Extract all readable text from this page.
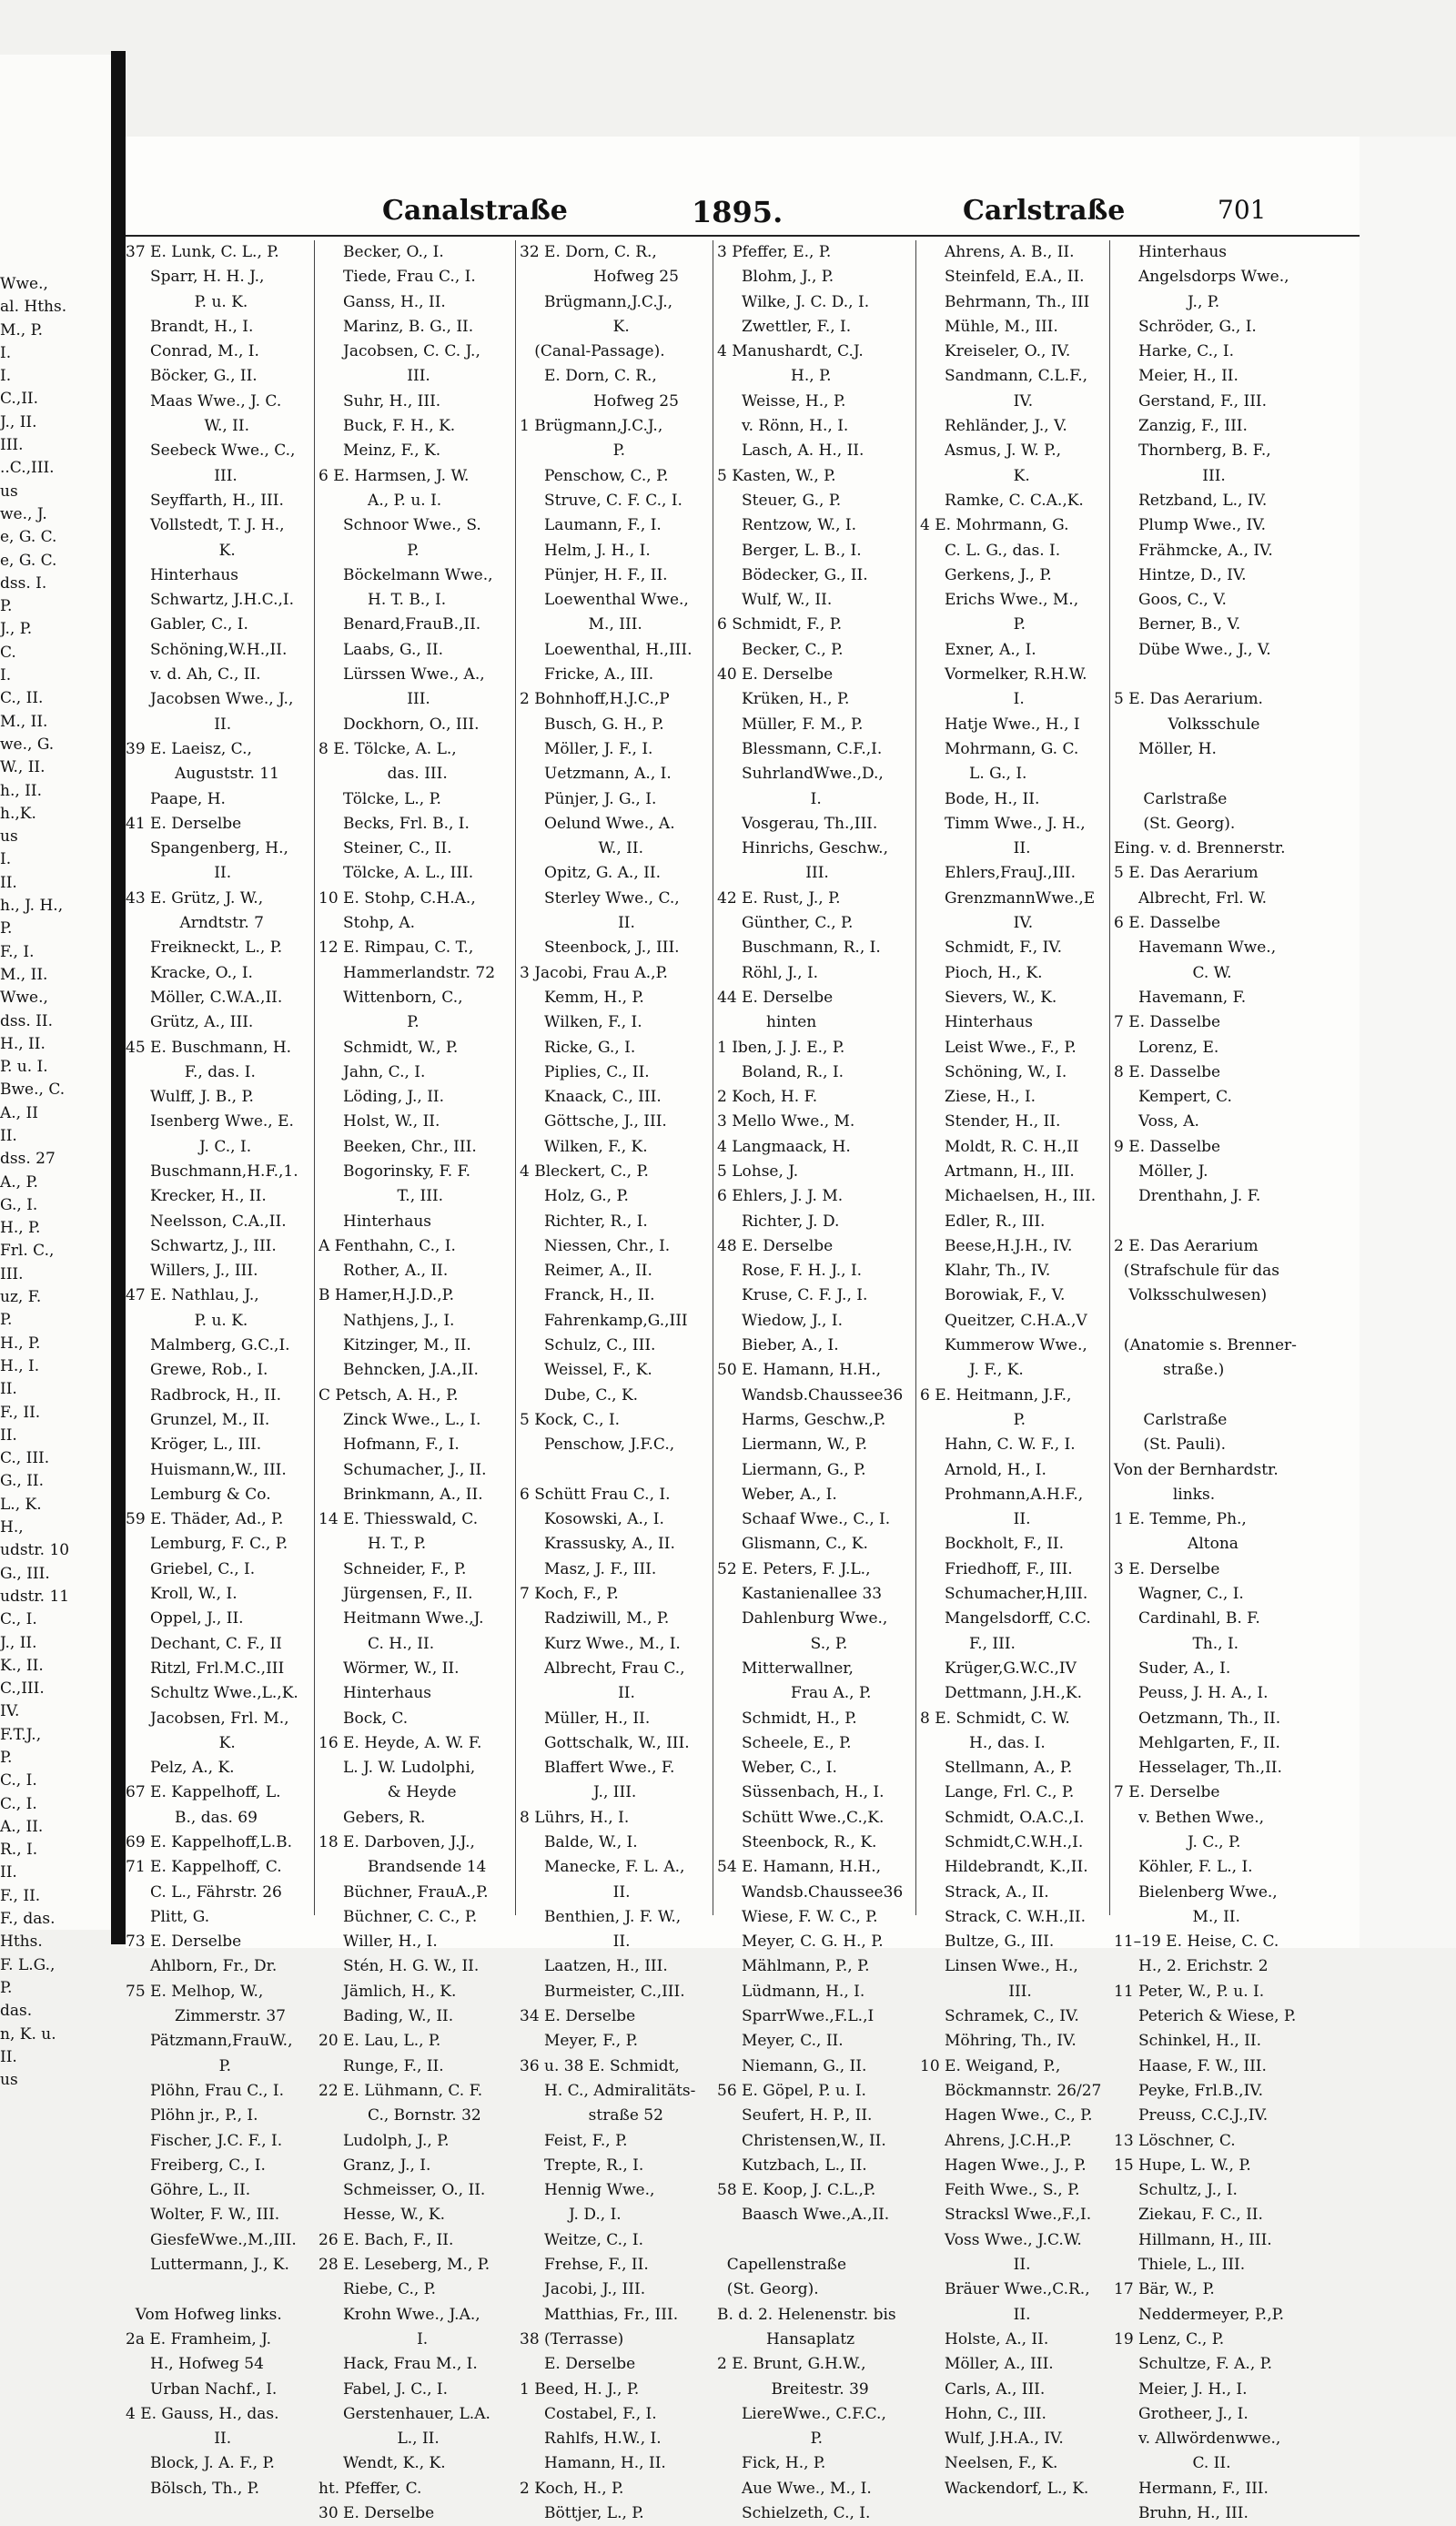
Wwe.,
al. Hths.
M., P.
I.
I.
C.,II.
J., II.
III.
..C.,III.
us
we., J.
e, G. C.
e, G. C.
dss. I.
P.
J., P.
C.
I.
C., II.
M., II.
we., G.
W., II.
h., II.
h.,K.
us
I.
II.
h., J. H.,
P.
F., I.
M., II.
Wwe.,
dss. II.
H., II.
P. u. I.
Bwe., C.
A., II
II.
dss. 27
A., P.
G., I.
H., P.
Frl. C.,
III.
uz, F.
P.
H., P.
H., I.
II.
F., II.
II.
C., III.
G., II.
L., K.
H.,
udstr. 10
G., III.
udstr. 11
C., I.
J., II.
K., II.
C.,III.
IV.
F.T.J.,
P.
C., I.
C., I.
A., II.
R., I.
II.
F., II.
F., das.
Hths.
F. L.G.,
P.
das.
n, K. u.
II.
us
Canalstraße	1895.	Carlstraße	701
37 E. Lunk, C. L., P.
Sparr, H. H. J.,
P. u. K.
Brandt, H., I.
Conrad, M., I.
Böcker, G., II.
Maas Wwe., J. C.
W., II.
Seebeck Wwe., C.,
III.
Seyffarth, H., III.
Vollstedt, T. J. H.,
K.
Hinterhaus
Schwartz, J.H.C.,I.
Gabler, C., I.
Schöning,W.H.,II.
v. d. Ah, C., II.
Jacobsen Wwe., J.,
II.
39 E. Laeisz, C.,
Auguststr. 11
Paape, H.
41 E. Derselbe
Spangenberg, H.,
II.
43 E. Grütz, J. W.,
Arndtstr. 7
Freikneckt, L., P.
Kracke, O., I.
Möller, C.W.A.,II.
Grütz, A., III.
45 E. Buschmann, H.
F., das. I.
Wulff, J. B., P.
Isenberg Wwe., E.
J. C., I.
Buschmann,H.F.,1.
Krecker, H., II.
Neelsson, C.A.,II.
Schwartz, J., III.
Willers, J., III.
47 E. Nathlau, J.,
P. u. K.
Malmberg, G.C.,I.
Grewe, Rob., I.
Radbrock, H., II.
Grunzel, M., II.
Kröger, L., III.
Huismann,W., III.
Lemburg & Co.
59 E. Thäder, Ad., P.
Lemburg, F. C., P.
Griebel, C., I.
Kroll, W., I.
Oppel, J., II.
Dechant, C. F., II
Ritzl, Frl.M.C.,III
Schultz Wwe.,L.,K.
Jacobsen, Frl. M.,
K.
Pelz, A., K.
67 E. Kappelhoff, L.
B., das. 69
69 E. Kappelhoff,L.B.
71 E. Kappelhoff, C.
C. L., Fährstr. 26
Plitt, G.
73 E. Derselbe
Ahlborn, Fr., Dr.
75 E. Melhop, W.,
Zimmerstr. 37
Pätzmann,FrauW.,
P.
Plöhn, Frau C., I.
Plöhn jr., P., I.
Fischer, J.C. F., I.
Freiberg, C., I.
Göhre, L., II.
Wolter, F. W., III.
GiesfeWwe.,M.,III.
Luttermann, J., K.
Vom Hofweg links.
2a E. Framheim, J.
H., Hofweg 54
Urban Nachf., I.
4 E. Gauss, H., das.
II.
Block, J. A. F., P.
Bölsch, Th., P.
Becker, O., I.
Tiede, Frau C., I.
Ganss, H., II.
Marinz, B. G., II.
Jacobsen, C. C. J.,
III.
Suhr, H., III.
Buck, F. H., K.
Meinz, F., K.
6 E. Harmsen, J. W.
A., P. u. I.
Schnoor Wwe., S.
P.
Böckelmann Wwe.,
H. T. B., I.
Benard,FrauB.,II.
Laabs, G., II.
Lürssen Wwe., A.,
III.
Dockhorn, O., III.
8 E. Tölcke, A. L.,
das. III.
Tölcke, L., P.
Becks, Frl. B., I.
Steiner, C., II.
Tölcke, A. L., III.
10 E. Stohp, C.H.A.,
Stohp, A.
12 E. Rimpau, C. T.,
Hammerlandstr. 72
Wittenborn, C.,
P.
Schmidt, W., P.
Jahn, C., I.
Löding, J., II.
Holst, W., II.
Beeken, Chr., III.
Bogorinsky, F. F.
T., III.
Hinterhaus
A Fenthahn, C., I.
Rother, A., II.
B Hamer,H.J.D.,P.
Nathjens, J., I.
Kitzinger, M., II.
Behncken, J.A.,II.
C Petsch, A. H., P.
Zinck Wwe., L., I.
Hofmann, F., I.
Schumacher, J., II.
Brinkmann, A., II.
14 E. Thiesswald, C.
H. T., P.
Schneider, F., P.
Jürgensen, F., II.
Heitmann Wwe.,J.
C. H., II.
Wörmer, W., II.
Hinterhaus
Bock, C.
16 E. Heyde, A. W. F.
L. J. W. Ludolphi,
& Heyde
Gebers, R.
18 E. Darboven, J.J.,
Brandsende 14
Büchner, FrauA.,P.
Büchner, C. C., P.
Willer, H., I.
Stén, H. G. W., II.
Jämlich, H., K.
Bading, W., II.
20 E. Lau, L., P.
Runge, F., II.
22 E. Lühmann, C. F.
C., Bornstr. 32
Ludolph, J., P.
Granz, J., I.
Schmeisser, O., II.
Hesse, W., K.
26 E. Bach, F., II.
28 E. Leseberg, M., P.
Riebe, C., P.
Krohn Wwe., J.A.,
I.
Hack, Frau M., I.
Fabel, J. C., I.
Gerstenhauer, L.A.
L., II.
Wendt, K., K.
ht. Pfeffer, C.
30 E. Derselbe
32 E. Dorn, C. R.,
Hofweg 25
Brügmann,J.C.J.,
K.
(Canal-Passage).
E. Dorn, C. R.,
Hofweg 25
1 Brügmann,J.C.J.,
P.
Penschow, C., P.
Struve, C. F. C., I.
Laumann, F., I.
Helm, J. H., I.
Pünjer, H. F., II.
Loewenthal Wwe.,
M., III.
Loewenthal, H.,III.
Fricke, A., III.
2 Bohnhoff,H.J.C.,P
Busch, G. H., P.
Möller, J. F., I.
Uetzmann, A., I.
Pünjer, J. G., I.
Oelund Wwe., A.
W., II.
Opitz, G. A., II.
Sterley Wwe., C.,
II.
Steenbock, J., III.
3 Jacobi, Frau A.,P.
Kemm, H., P.
Wilken, F., I.
Ricke, G., I.
Piplies, C., II.
Knaack, C., III.
Göttsche, J., III.
Wilken, F., K.
4 Bleckert, C., P.
Holz, G., P.
Richter, R., I.
Niessen, Chr., I.
Reimer, A., II.
Franck, H., II.
Fahrenkamp,G.,III
Schulz, C., III.
Weissel, F., K.
Dube, C., K.
5 Kock, C., I.
Penschow, J.F.C.,
6 Schütt Frau C., I.
Kosowski, A., I.
Krassusky, A., II.
Masz, J. F., III.
7 Koch, F., P.
Radziwill, M., P.
Kurz Wwe., M., I.
Albrecht, Frau C.,
II.
Müller, H., II.
Gottschalk, W., III.
Blaffert Wwe., F.
J., III.
8 Lührs, H., I.
Balde, W., I.
Manecke, F. L. A.,
II.
Benthien, J. F. W.,
II.
Laatzen, H., III.
Burmeister, C.,III.
34 E. Derselbe
Meyer, F., P.
36 u. 38 E. Schmidt,
H. C., Admiralitäts-
straße 52
Feist, F., P.
Trepte, R., I.
Hennig Wwe.,
J. D., I.
Weitze, C., I.
Frehse, F., II.
Jacobi, J., III.
Matthias, Fr., III.
38 (Terrasse)
E. Derselbe
1 Beed, H. J., P.
Costabel, F., I.
Rahlfs, H.W., I.
Hamann, H., II.
2 Koch, H., P.
Böttjer, L., P.
3 Pfeffer, E., P.
Blohm, J., P.
Wilke, J. C. D., I.
Zwettler, F., I.
4 Manushardt, C.J.
H., P.
Weisse, H., P.
v. Rönn, H., I.
Lasch, A. H., II.
5 Kasten, W., P.
Steuer, G., P.
Rentzow, W., I.
Berger, L. B., I.
Bödecker, G., II.
Wulf, W., II.
6 Schmidt, F., P.
Becker, C., P.
40 E. Derselbe
Krüken, H., P.
Müller, F. M., P.
Blessmann, C.F.,I.
SuhrlandWwe.,D.,
I.
Vosgerau, Th.,III.
Hinrichs, Geschw.,
III.
42 E. Rust, J., P.
Günther, C., P.
Buschmann, R., I.
Röhl, J., I.
44 E. Derselbe
hinten
1 Iben, J. J. E., P.
Boland, R., I.
2 Koch, H. F.
3 Mello Wwe., M.
4 Langmaack, H.
5 Lohse, J.
6 Ehlers, J. J. M.
Richter, J. D.
48 E. Derselbe
Rose, F. H. J., I.
Kruse, C. F. J., I.
Wiedow, J., I.
Bieber, A., I.
50 E. Hamann, H.H.,
Wandsb.Chaussee36
Harms, Geschw.,P.
Liermann, W., P.
Liermann, G., P.
Weber, A., I.
Schaaf Wwe., C., I.
Glismann, C., K.
52 E. Peters, F. J.L.,
Kastanienallee 33
Dahlenburg Wwe.,
S., P.
Mitterwallner,
Frau A., P.
Schmidt, H., P.
Scheele, E., P.
Weber, C., I.
Süssenbach, H., I.
Schütt Wwe.,C.,K.
Steenbock, R., K.
54 E. Hamann, H.H.,
Wandsb.Chaussee36
Wiese, F. W. C., P.
Meyer, C. G. H., P.
Mählmann, P., P.
Lüdmann, H., I.
SparrWwe.,F.L.,I
Meyer, C., II.
Niemann, G., II.
56 E. Göpel, P. u. I.
Seufert, H. P., II.
Christensen,W., II.
Kutzbach, L., II.
58 E. Koop, J. C.L.,P.
Baasch Wwe.,A.,II.
Capellenstraße
(St. Georg).
B. d. 2. Helenenstr. bis
Hansaplatz
2 E. Brunt, G.H.W.,
Breitestr. 39
LiereWwe., C.F.C.,
P.
Fick, H., P.
Aue Wwe., M., I.
Schielzeth, C., I.
Ahrens, A. B., II.
Steinfeld, E.A., II.
Behrmann, Th., III
Mühle, M., III.
Kreiseler, O., IV.
Sandmann, C.L.F.,
IV.
Rehländer, J., V.
Asmus, J. W. P.,
K.
Ramke, C. C.A.,K.
4 E. Mohrmann, G.
C. L. G., das. I.
Gerkens, J., P.
Erichs Wwe., M.,
P.
Exner, A., I.
Vormelker, R.H.W.
I.
Hatje Wwe., H., I
Mohrmann, G. C.
L. G., I.
Bode, H., II.
Timm Wwe., J. H.,
II.
Ehlers,FrauJ.,III.
GrenzmannWwe.,E
IV.
Schmidt, F., IV.
Pioch, H., K.
Sievers, W., K.
Hinterhaus
Leist Wwe., F., P.
Schöning, W., I.
Ziese, H., I.
Stender, H., II.
Moldt, R. C. H.,II
Artmann, H., III.
Michaelsen, H., III.
Edler, R., III.
Beese,H.J.H., IV.
Klahr, Th., IV.
Borowiak, F., V.
Queitzer, C.H.A.,V
Kummerow Wwe.,
J. F., K.
6 E. Heitmann, J.F.,
P.
Hahn, C. W. F., I.
Arnold, H., I.
Prohmann,A.H.F.,
II.
Bockholt, F., II.
Friedhoff, F., III.
Schumacher,H,III.
Mangelsdorff, C.C.
F., III.
Krüger,G.W.C.,IV
Dettmann, J.H.,K.
8 E. Schmidt, C. W.
H., das. I.
Stellmann, A., P.
Lange, Frl. C., P.
Schmidt, O.A.C.,I.
Schmidt,C.W.H.,I.
Hildebrandt, K.,II.
Strack, A., II.
Strack, C. W.H.,II.
Bultze, G., III.
Linsen Wwe., H.,
III.
Schramek, C., IV.
Möhring, Th., IV.
10 E. Weigand, P.,
Böckmannstr. 26/27
Hagen Wwe., C., P.
Ahrens, J.C.H.,P.
Hagen Wwe., J., P.
Feith Wwe., S., P.
Stracksl Wwe.,F.,I.
Voss Wwe., J.C.W.
II.
Bräuer Wwe.,C.R.,
II.
Holste, A., II.
Möller, A., III.
Carls, A., III.
Hohn, C., III.
Wulf, J.H.A., IV.
Neelsen, F., K.
Wackendorf, L., K.
Hinterhaus
Angelsdorps Wwe.,
J., P.
Schröder, G., I.
Harke, C., I.
Meier, H., II.
Gerstand, F., III.
Zanzig, F., III.
Thornberg, B. F.,
III.
Retzband, L., IV.
Plump Wwe., IV.
Frähmcke, A., IV.
Hintze, D., IV.
Goos, C., V.
Berner, B., V.
Dübe Wwe., J., V.
5 E. Das Aerarium.
Volksschule
Möller, H.
Carlstraße
(St. Georg).
Eing. v. d. Brennerstr.
5 E. Das Aerarium
Albrecht, Frl. W.
6 E. Dasselbe
Havemann Wwe.,
C. W.
Havemann, F.
7 E. Dasselbe
Lorenz, E.
8 E. Dasselbe
Kempert, C.
Voss, A.
9 E. Dasselbe
Möller, J.
Drenthahn, J. F.
2 E. Das Aerarium
(Strafschule für das
Volksschulwesen)
(Anatomie s. Brenner-
straße.)
Carlstraße
(St. Pauli).
Von der Bernhardstr.
links.
1 E. Temme, Ph.,
Altona
3 E. Derselbe
Wagner, C., I.
Cardinahl, B. F.
Th., I.
Suder, A., I.
Peuss, J. H. A., I.
Oetzmann, Th., II.
Mehlgarten, F., II.
Hesselager, Th.,II.
7 E. Derselbe
v. Bethen Wwe.,
J. C., P.
Köhler, F. L., I.
Bielenberg Wwe.,
M., II.
11–19 E. Heise, C. C.
H., 2. Erichstr. 2
11 Peter, W., P. u. I.
Peterich & Wiese, P.
Schinkel, H., II.
Haase, F. W., III.
Peyke, Frl.B.,IV.
Preuss, C.C.J.,IV.
13 Löschner, C.
15 Hupe, L. W., P.
Schultz, J., I.
Ziekau, F. C., II.
Hillmann, H., III.
Thiele, L., III.
17 Bär, W., P.
Neddermeyer, P.,P.
19 Lenz, C., P.
Schultze, F. A., P.
Meier, J. H., I.
Grotheer, J., I.
v. Allwördenwwe.,
C. II.
Hermann, F., III.
Bruhn, H., III.
